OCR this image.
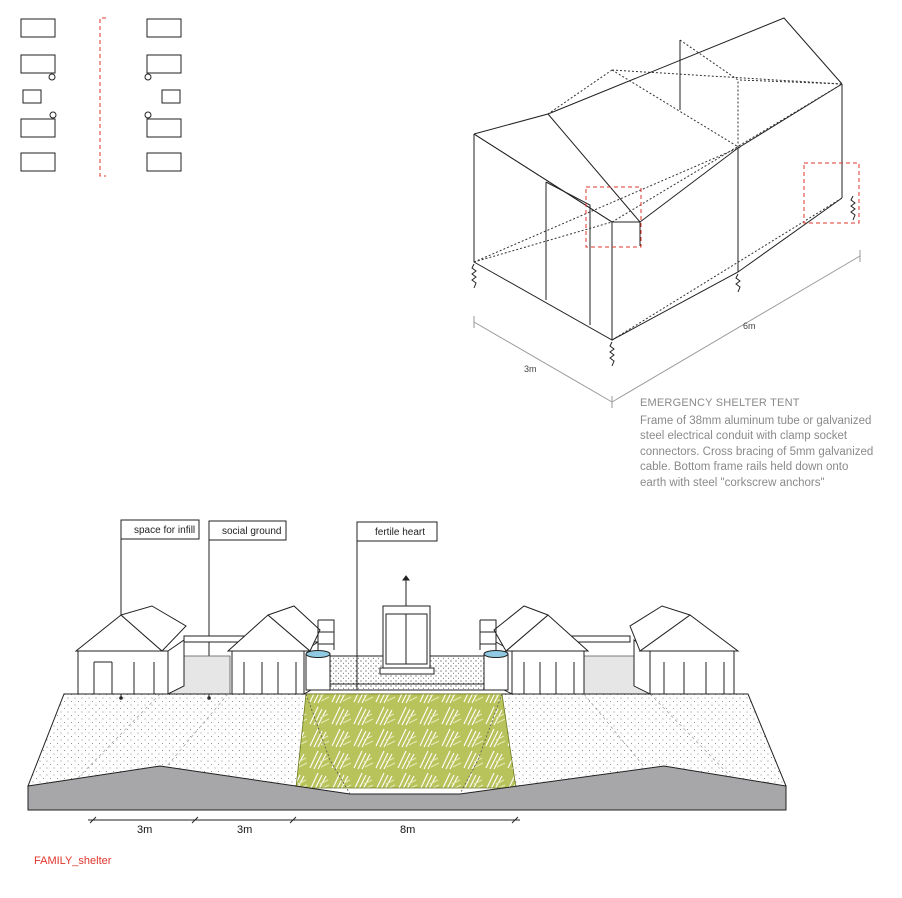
3m
6m
space for infill	social ground	fertile heart
3m	3m	8m
EMERGENCY SHELTER TENT
Frame of 38mm aluminum tube or galvanized
steel electrical conduit with clamp socket
connectors. Cross bracing of 5mm galvanized
cable. Bottom frame rails held down onto
earth with steel "corkscrew anchors"
FAMILY_shelter
